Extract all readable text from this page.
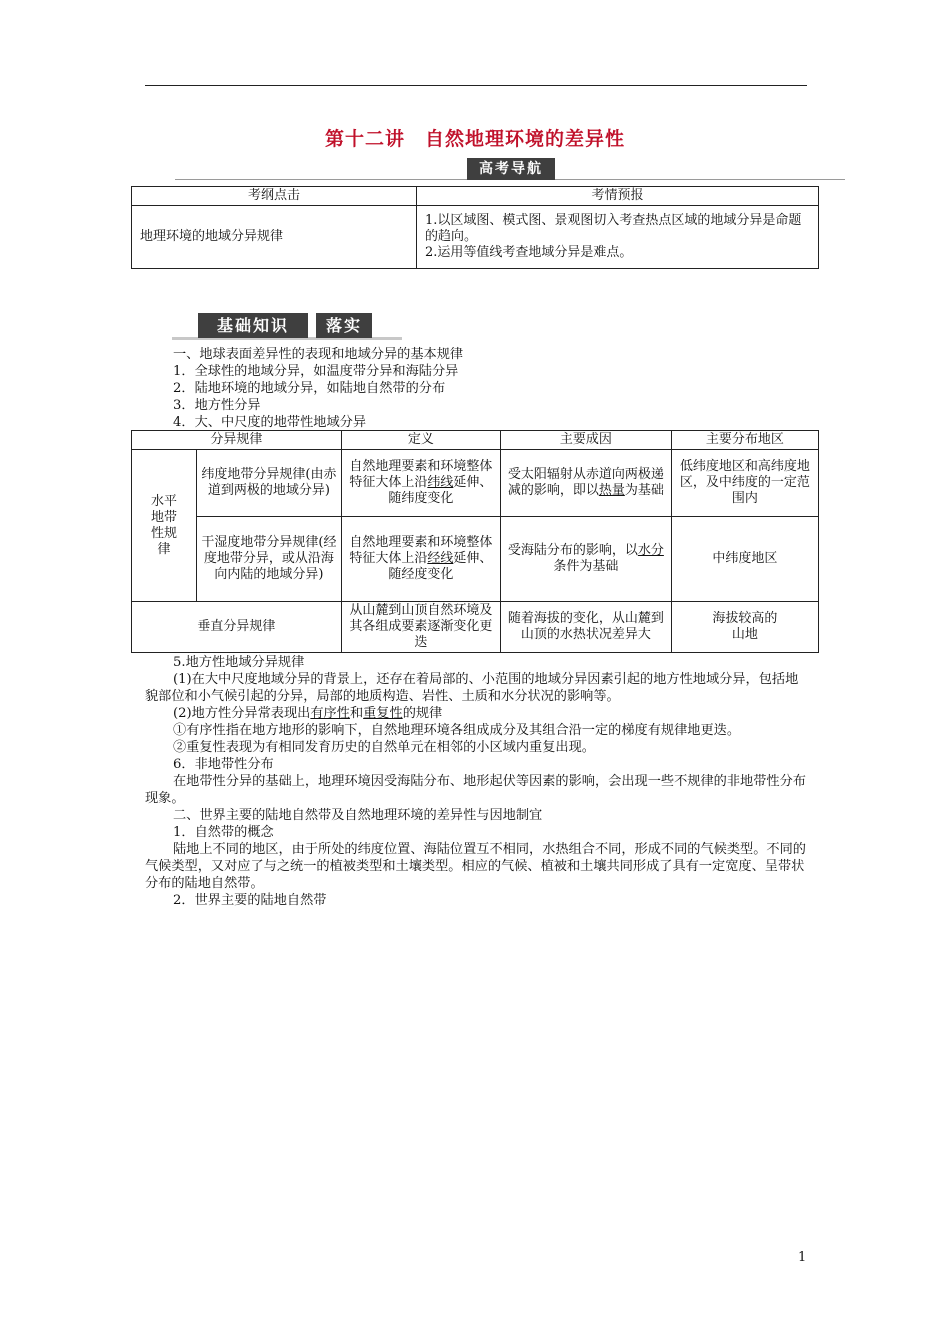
第十二讲　自然地理环境的差异性
高考导航
考纲点击	考情预报
地理环境的地域分异规律	1.以区域图、模式图、景观图切入考查热点区域的地域分异是命题的趋向。
2.运用等值线考查地域分异是难点。
基础知识	落实

一、地球表面差异性的表现和地域分异的基本规律

1．全球性的地域分异，如温度带分异和海陆分异

2．陆地环境的地域分异，如陆地自然带的分布

3．地方性分异

4．大、中尺度的地带性地域分异

分异规律		定义	主要成因	主要分布地区

水平地带性规律	纬度地带分异规律(由赤道到两极的地域分异)	自然地理要素和环境整体特征大体上沿纬线延伸、随纬度变化	受太阳辐射从赤道向两极递减的影响，即以热量为基础	低纬度地区和高纬度地区，及中纬度的一定范围内
	干湿度地带分异规律(经度地带分异，或从沿海向内陆的地域分异)	自然地理要素和环境整体特征大体上沿经线延伸、随经度变化	受海陆分布的影响，以水分条件为基础	中纬度地区
垂直分异规律		从山麓到山顶自然环境及其各组成要素逐渐变化更迭	随着海拔的变化，从山麓到山顶的水热状况差异大	海拔较高的山地

5.地方性地域分异规律

(1)在大中尺度地域分异的背景上，还存在着局部的、小范围的地域分异因素引起的地方性地域分异，包括地貌部位和小气候引起的分异，局部的地质构造、岩性、土质和水分状况的影响等。

(2)地方性分异常表现出有序性和重复性的规律

①有序性指在地方地形的影响下，自然地理环境各组成成分及其组合沿一定的梯度有规律地更迭。

②重复性表现为有相同发育历史的自然单元在相邻的小区域内重复出现。

6．非地带性分布

在地带性分异的基础上，地理环境因受海陆分布、地形起伏等因素的影响，会出现一些不规律的非地带性分布现象。

二、世界主要的陆地自然带及自然地理环境的差异性与因地制宜

1．自然带的概念

陆地上不同的地区，由于所处的纬度位置、海陆位置互不相同，水热组合不同，形成不同的气候类型。不同的气候类型，又对应了与之统一的植被类型和土壤类型。相应的气候、植被和土壤共同形成了具有一定宽度、呈带状分布的陆地自然带。

2．世界主要的陆地自然带

1
